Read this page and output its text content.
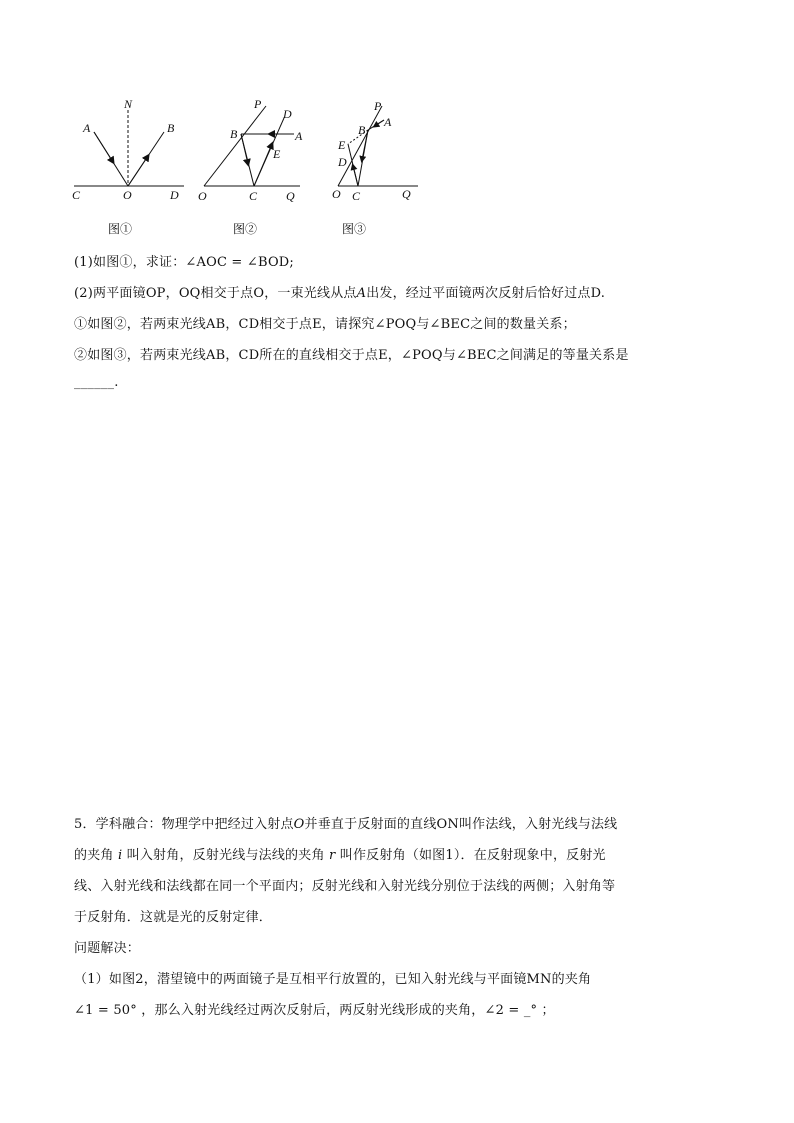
N
A	B
C	O	D
图①
P
D
B	A
E
O	C Q
图②
P
A
B
E
D
O C	Q
图③
(1)如图①，求证：∠AOC = ∠BOD;
(2)两平面镜OP，OQ相交于点O，一束光线从点A出发，经过平面镜两次反射后恰好过点D.
①如图②，若两束光线AB，CD相交于点E，请探究∠POQ与∠BEC之间的数量关系；
②如图③，若两束光线AB，CD所在的直线相交于点E，∠POQ与∠BEC之间满足的等量关系是
______.
5．学科融合：物理学中把经过入射点O并垂直于反射面的直线ON叫作法线，入射光线与法线
的夹角 i 叫入射角，反射光线与法线的夹角 r 叫作反射角（如图1）．在反射现象中，反射光
线、入射光线和法线都在同一个平面内；反射光线和入射光线分别位于法线的两侧；入射角等
于反射角．这就是光的反射定律．
问题解决：
（1）如图2，潜望镜中的两面镜子是互相平行放置的，已知入射光线与平面镜MN的夹角
∠1 = 50° ，那么入射光线经过两次反射后，两反射光线形成的夹角，∠2 = _° ；
